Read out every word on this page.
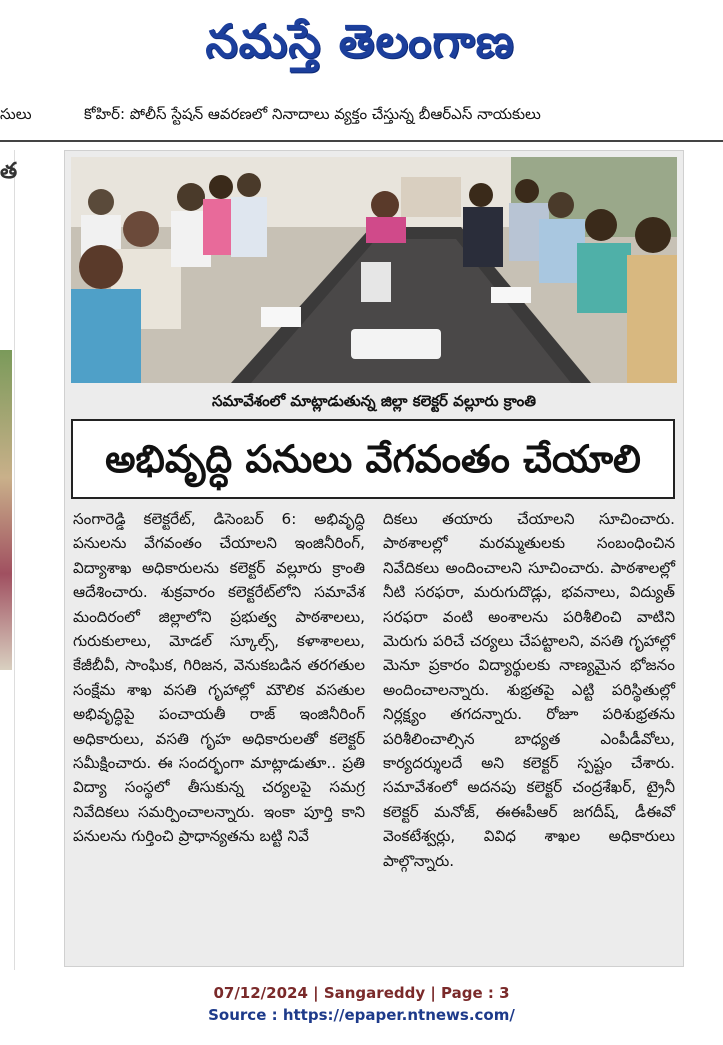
నమస్తే తెలంగాణ
సులు	కోహిర్‌: పోలీస్‌ స్టేషన్‌ ఆవరణలో నినాదాలు వ్యక్తం చేస్తున్న బీఆర్‌ఎస్‌ నాయకులు
త
సమావేశంలో మాట్లాడుతున్న జిల్లా కలెక్టర్‌ వల్లూరు క్రాంతి
అభివృద్ధి పనులు వేగవంతం చేయాలి
సంగారెడ్డి కలెక్టరేట్‌, డిసెంబర్‌ 6: అభివృద్ధి పనులను వేగవంతం చేయాలని ఇంజినీరింగ్‌, విద్యాశాఖ అధికారులను కలెక్టర్‌ వల్లూరు క్రాంతి ఆదేశించారు. శుక్రవారం కలెక్టరేట్‌లోని సమావేశ మందిరంలో జిల్లాలోని ప్రభుత్వ పాఠశాలలు, గురుకులాలు, మోడల్‌ స్కూల్స్‌, కళాశాలలు, కేజీబీవీ, సాంఘిక, గిరిజన, వెనుకబడిన తరగతుల సంక్షేమ శాఖ వసతి గృహాల్లో మౌలిక వసతుల అభివృద్ధిపై పంచాయతీ రాజ్‌ ఇంజినీరింగ్‌ అధికారులు, వసతి గృహ అధికారులతో కలెక్టర్‌ సమీక్షించారు. ఈ సందర్భంగా మాట్లాడుతూ.. ప్రతి విద్యా సంస్థలో తీసుకున్న చర్యలపై సమగ్ర నివేదికలు సమర్పించాలన్నారు. ఇంకా పూర్తి కాని పనులను గుర్తించి ప్రాధాన్యతను బట్టి నివే
దికలు తయారు చేయాలని సూచించారు. పాఠశాలల్లో మరమ్మతులకు సంబంధించిన నివేదికలు అందించాలని సూచించారు. పాఠశాలల్లో నీటి సరఫరా, మరుగుదొడ్లు, భవనాలు, విద్యుత్‌ సరఫరా వంటి అంశాలను పరిశీలించి వాటిని మెరుగు పరిచే చర్యలు చేపట్టాలని, వసతి గృహాల్లో మెనూ ప్రకారం విద్యార్థులకు నాణ్యమైన భోజనం అందించాలన్నారు. శుభ్రతపై ఎట్టి పరిస్థితుల్లో నిర్లక్ష్యం తగదన్నారు. రోజూ పరిశుభ్రతను పరిశీలించాల్సిన బాధ్యత ఎంపీడీవోలు, కార్యదర్శులదే అని కలెక్టర్‌ స్పష్టం చేశారు. సమావేశంలో అదనపు కలెక్టర్‌ చంద్రశేఖర్‌, ట్రైనీ కలెక్టర్‌ మనోజ్‌, ఈఈపీఆర్‌ జగదీష్‌, డీఈవో వెంకటేశ్వర్లు, వివిధ శాఖల అధికారులు పాల్గొన్నారు.
07/12/2024 | Sangareddy | Page : 3
Source : https://epaper.ntnews.com/
